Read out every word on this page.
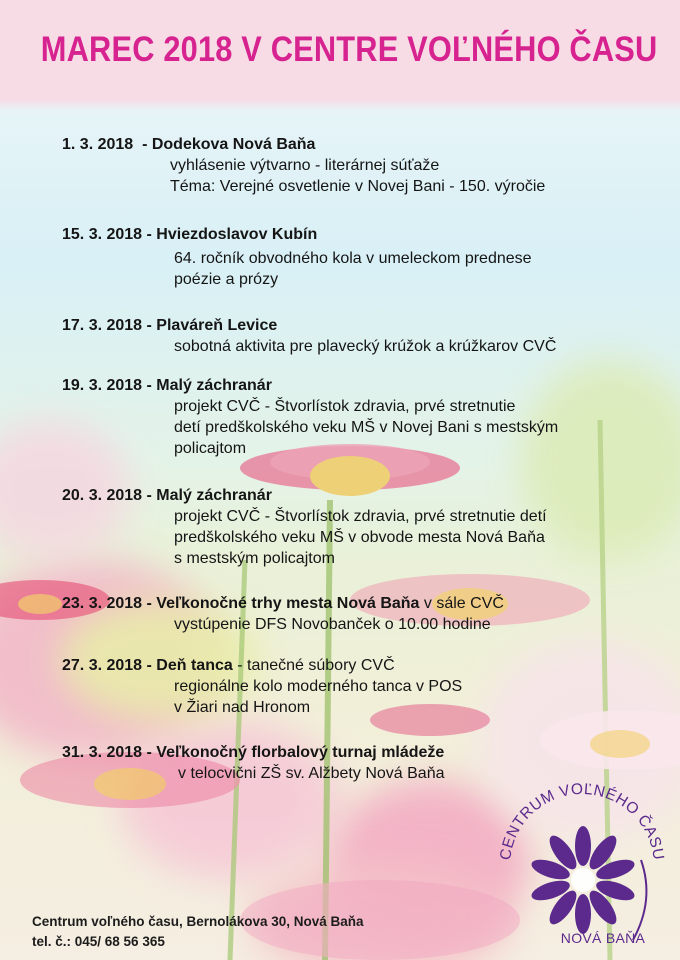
MAREC 2018 V CENTRE VOĽNÉHO ČASU
1. 3. 2018 - Dodekova Nová Baňa
vyhlásenie výtvarno - literárnej súťaže
Téma: Verejné osvetlenie v Novej Bani - 150. výročie
15. 3. 2018 - Hviezdoslavov Kubín
64. ročník obvodného kola v umeleckom prednese
poézie a prózy
17. 3. 2018 - Plaváreň Levice
sobotná aktivita pre plavecký krúžok a krúžkarov CVČ
19. 3. 2018 - Malý záchranár
projekt CVČ - Štvorlístok zdravia, prvé stretnutie
detí predškolského veku MŠ v Novej Bani s mestským
policajtom
20. 3. 2018 - Malý záchranár
projekt CVČ - Štvorlístok zdravia, prvé stretnutie detí
predškolského veku MŠ v obvode mesta Nová Baňa
s mestským policajtom
23. 3. 2018 - Veľkonočné trhy mesta Nová Baňa v sále CVČ
vystúpenie DFS Novobanček o 10.00 hodine
27. 3. 2018 - Deň tanca - tanečné súbory CVČ
regionálne kolo moderného tanca v POS
v Žiari nad Hronom
31. 3. 2018 - Veľkonočný florbalový turnaj mládeže
v telocvični ZŠ sv. Alžbety Nová Baňa
Centrum voľného času, Bernolákova 30, Nová Baňa
tel. č.: 045/ 68 56 365
CENTRUM VOĽNÉHO ČASU
NOVÁ BAŇA
